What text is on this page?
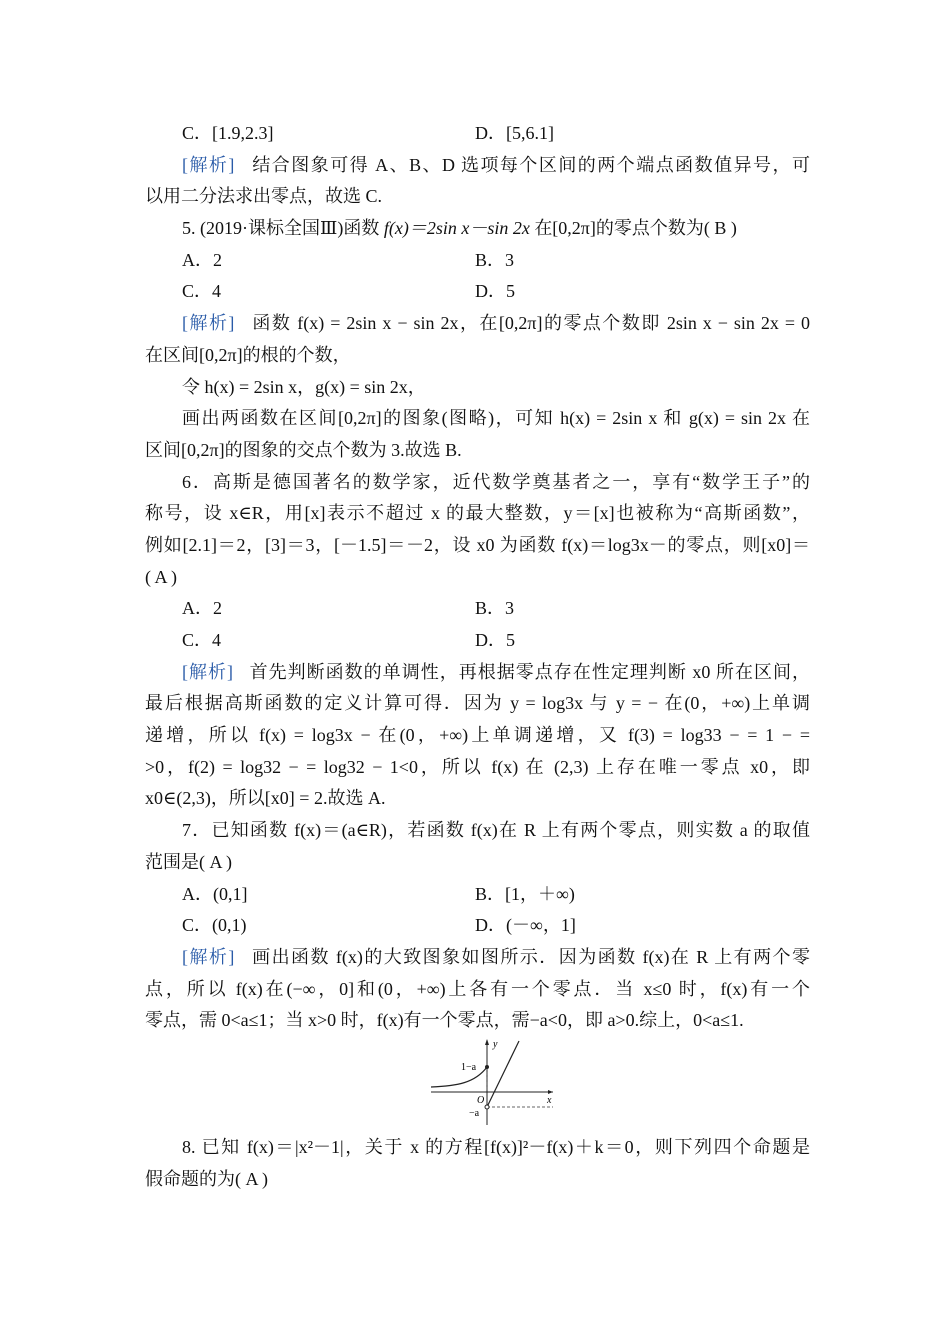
C．[1.9,2.3]	D．[5,6.1]
[解析] 结合图象可得 A、B、D 选项每个区间的两个端点函数值异号，可
以用二分法求出零点，故选 C.
5. (2019·课标全国Ⅲ)函数 f(x)＝2sin x－sin 2x 在[0,2π]的零点个数为( B )
A．2	B．3
C．4	D．5
[解析] 函数 f(x) = 2sin x − sin 2x，在[0,2π]的零点个数即 2sin x − sin 2x = 0
在区间[0,2π]的根的个数，
令 h(x) = 2sin x，g(x) = sin 2x，
画出两函数在区间[0,2π]的图象(图略)，可知 h(x) = 2sin x 和 g(x) = sin 2x 在
区间[0,2π]的图象的交点个数为 3.故选 B.
6．高斯是德国著名的数学家，近代数学奠基者之一，享有“数学王子”的
称号，设 x∈R，用[x]表示不超过 x 的最大整数，y＝[x]也被称为“高斯函数”，
例如[2.1]＝2，[3]＝3，[－1.5]＝－2，设 x0 为函数 f(x)＝log3x－的零点，则[x0]＝
( A )
A．2	B．3
C．4	D．5
[解析] 首先判断函数的单调性，再根据零点存在性定理判断 x0 所在区间，
最后根据高斯函数的定义计算可得．因为 y = log3x 与 y = − 在(0，+∞)上单调
递增，所以 f(x) = log3x − 在(0，+∞)上单调递增，又 f(3) = log33 − = 1 − =
>0，f(2) = log32 − = log32 − 1<0，所以 f(x) 在 (2,3) 上存在唯一零点 x0，即
x0∈(2,3)，所以[x0] = 2.故选 A.
7．已知函数 f(x)＝(a∈R)，若函数 f(x)在 R 上有两个零点，则实数 a 的取值
范围是( A )
A．(0,1]	B．[1，＋∞)
C．(0,1)	D．(－∞，1]
[解析] 画出函数 f(x)的大致图象如图所示．因为函数 f(x)在 R 上有两个零
点，所以 f(x)在(−∞，0]和(0，+∞)上各有一个零点．当 x≤0 时，f(x)有一个
零点，需 0<a≤1；当 x>0 时，f(x)有一个零点，需−a<0，即 a>0.综上，0<a≤1.
y
x
O
1−a
−a
8. 已知 f(x)＝|x²－1|，关于 x 的方程[f(x)]²－f(x)＋k＝0，则下列四个命题是
假命题的为( A )
